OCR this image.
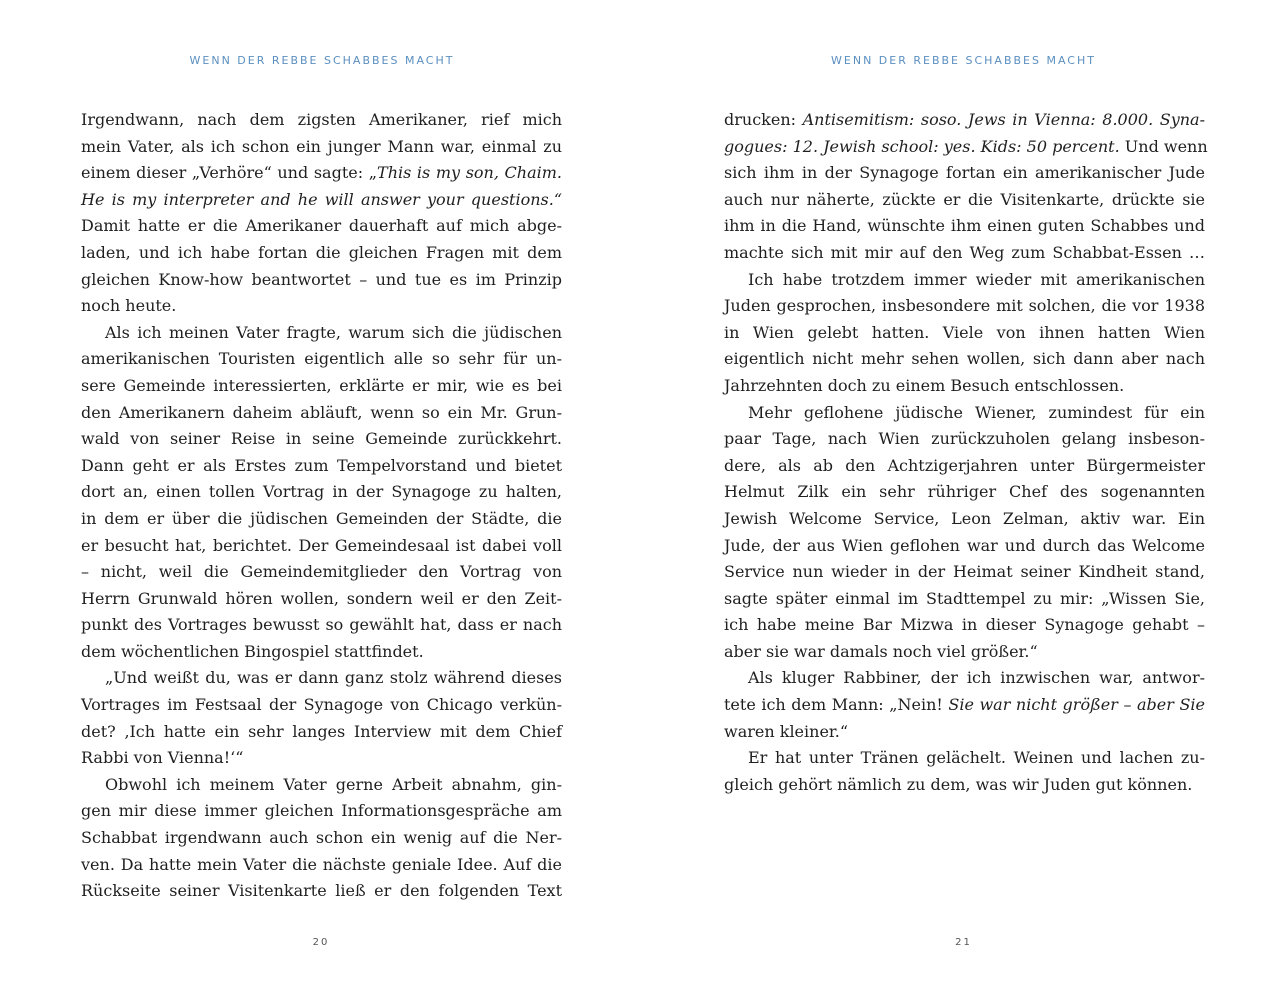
WENN DER REBBE SCHABBES MACHT
Irgendwann, nach dem zigsten Amerikaner, rief mich
mein Vater, als ich schon ein junger Mann war, einmal zu
einem dieser „Verhöre“ und sagte: „This is my son, Chaim.
He is my interpreter and he will answer your questions.“
Damit hatte er die Amerikaner dauerhaft auf mich abge-
laden, und ich habe fortan die gleichen Fragen mit dem
gleichen Know-how beantwortet – und tue es im Prinzip
noch heute.
Als ich meinen Vater fragte, warum sich die jüdischen
amerikanischen Touristen eigentlich alle so sehr für un-
sere Gemeinde interessierten, erklärte er mir, wie es bei
den Amerikanern daheim abläuft, wenn so ein Mr. Grun-
wald von seiner Reise in seine Gemeinde zurückkehrt.
Dann geht er als Erstes zum Tempelvorstand und bietet
dort an, einen tollen Vortrag in der Synagoge zu halten,
in dem er über die jüdischen Gemeinden der Städte, die
er besucht hat, berichtet. Der Gemeindesaal ist dabei voll
– nicht, weil die Gemeindemitglieder den Vortrag von
Herrn Grunwald hören wollen, sondern weil er den Zeit-
punkt des Vortrages bewusst so gewählt hat, dass er nach
dem wöchentlichen Bingospiel stattfindet.
„Und weißt du, was er dann ganz stolz während dieses
Vortrages im Festsaal der Synagoge von Chicago verkün-
det? ‚Ich hatte ein sehr langes Interview mit dem Chief
Rabbi von Vienna!‘“
Obwohl ich meinem Vater gerne Arbeit abnahm, gin-
gen mir diese immer gleichen Informationsgespräche am
Schabbat irgendwann auch schon ein wenig auf die Ner-
ven. Da hatte mein Vater die nächste geniale Idee. Auf die
Rückseite seiner Visitenkarte ließ er den folgenden Text
20
WENN DER REBBE SCHABBES MACHT
drucken: Antisemitism: soso. Jews in Vienna: 8.000. Syna-
gogues: 12. Jewish school: yes. Kids: 50 percent. Und wenn
sich ihm in der Synagoge fortan ein amerikanischer Jude
auch nur näherte, zückte er die Visitenkarte, drückte sie
ihm in die Hand, wünschte ihm einen guten Schabbes und
machte sich mit mir auf den Weg zum Schabbat-Essen …
Ich habe trotzdem immer wieder mit amerikanischen
Juden gesprochen, insbesondere mit solchen, die vor 1938
in Wien gelebt hatten. Viele von ihnen hatten Wien
eigentlich nicht mehr sehen wollen, sich dann aber nach
Jahrzehnten doch zu einem Besuch entschlossen.
Mehr geflohene jüdische Wiener, zumindest für ein
paar Tage, nach Wien zurückzuholen gelang insbeson-
dere, als ab den Achtzigerjahren unter Bürgermeister
Helmut Zilk ein sehr rühriger Chef des sogenannten
Jewish Welcome Service, Leon Zelman, aktiv war. Ein
Jude, der aus Wien geflohen war und durch das Welcome
Service nun wieder in der Heimat seiner Kindheit stand,
sagte später einmal im Stadttempel zu mir: „Wissen Sie,
ich habe meine Bar Mizwa in dieser Synagoge gehabt –
aber sie war damals noch viel größer.“
Als kluger Rabbiner, der ich inzwischen war, antwor-
tete ich dem Mann: „Nein! Sie war nicht größer – aber Sie
waren kleiner.“
Er hat unter Tränen gelächelt. Weinen und lachen zu-
gleich gehört nämlich zu dem, was wir Juden gut können.
21
